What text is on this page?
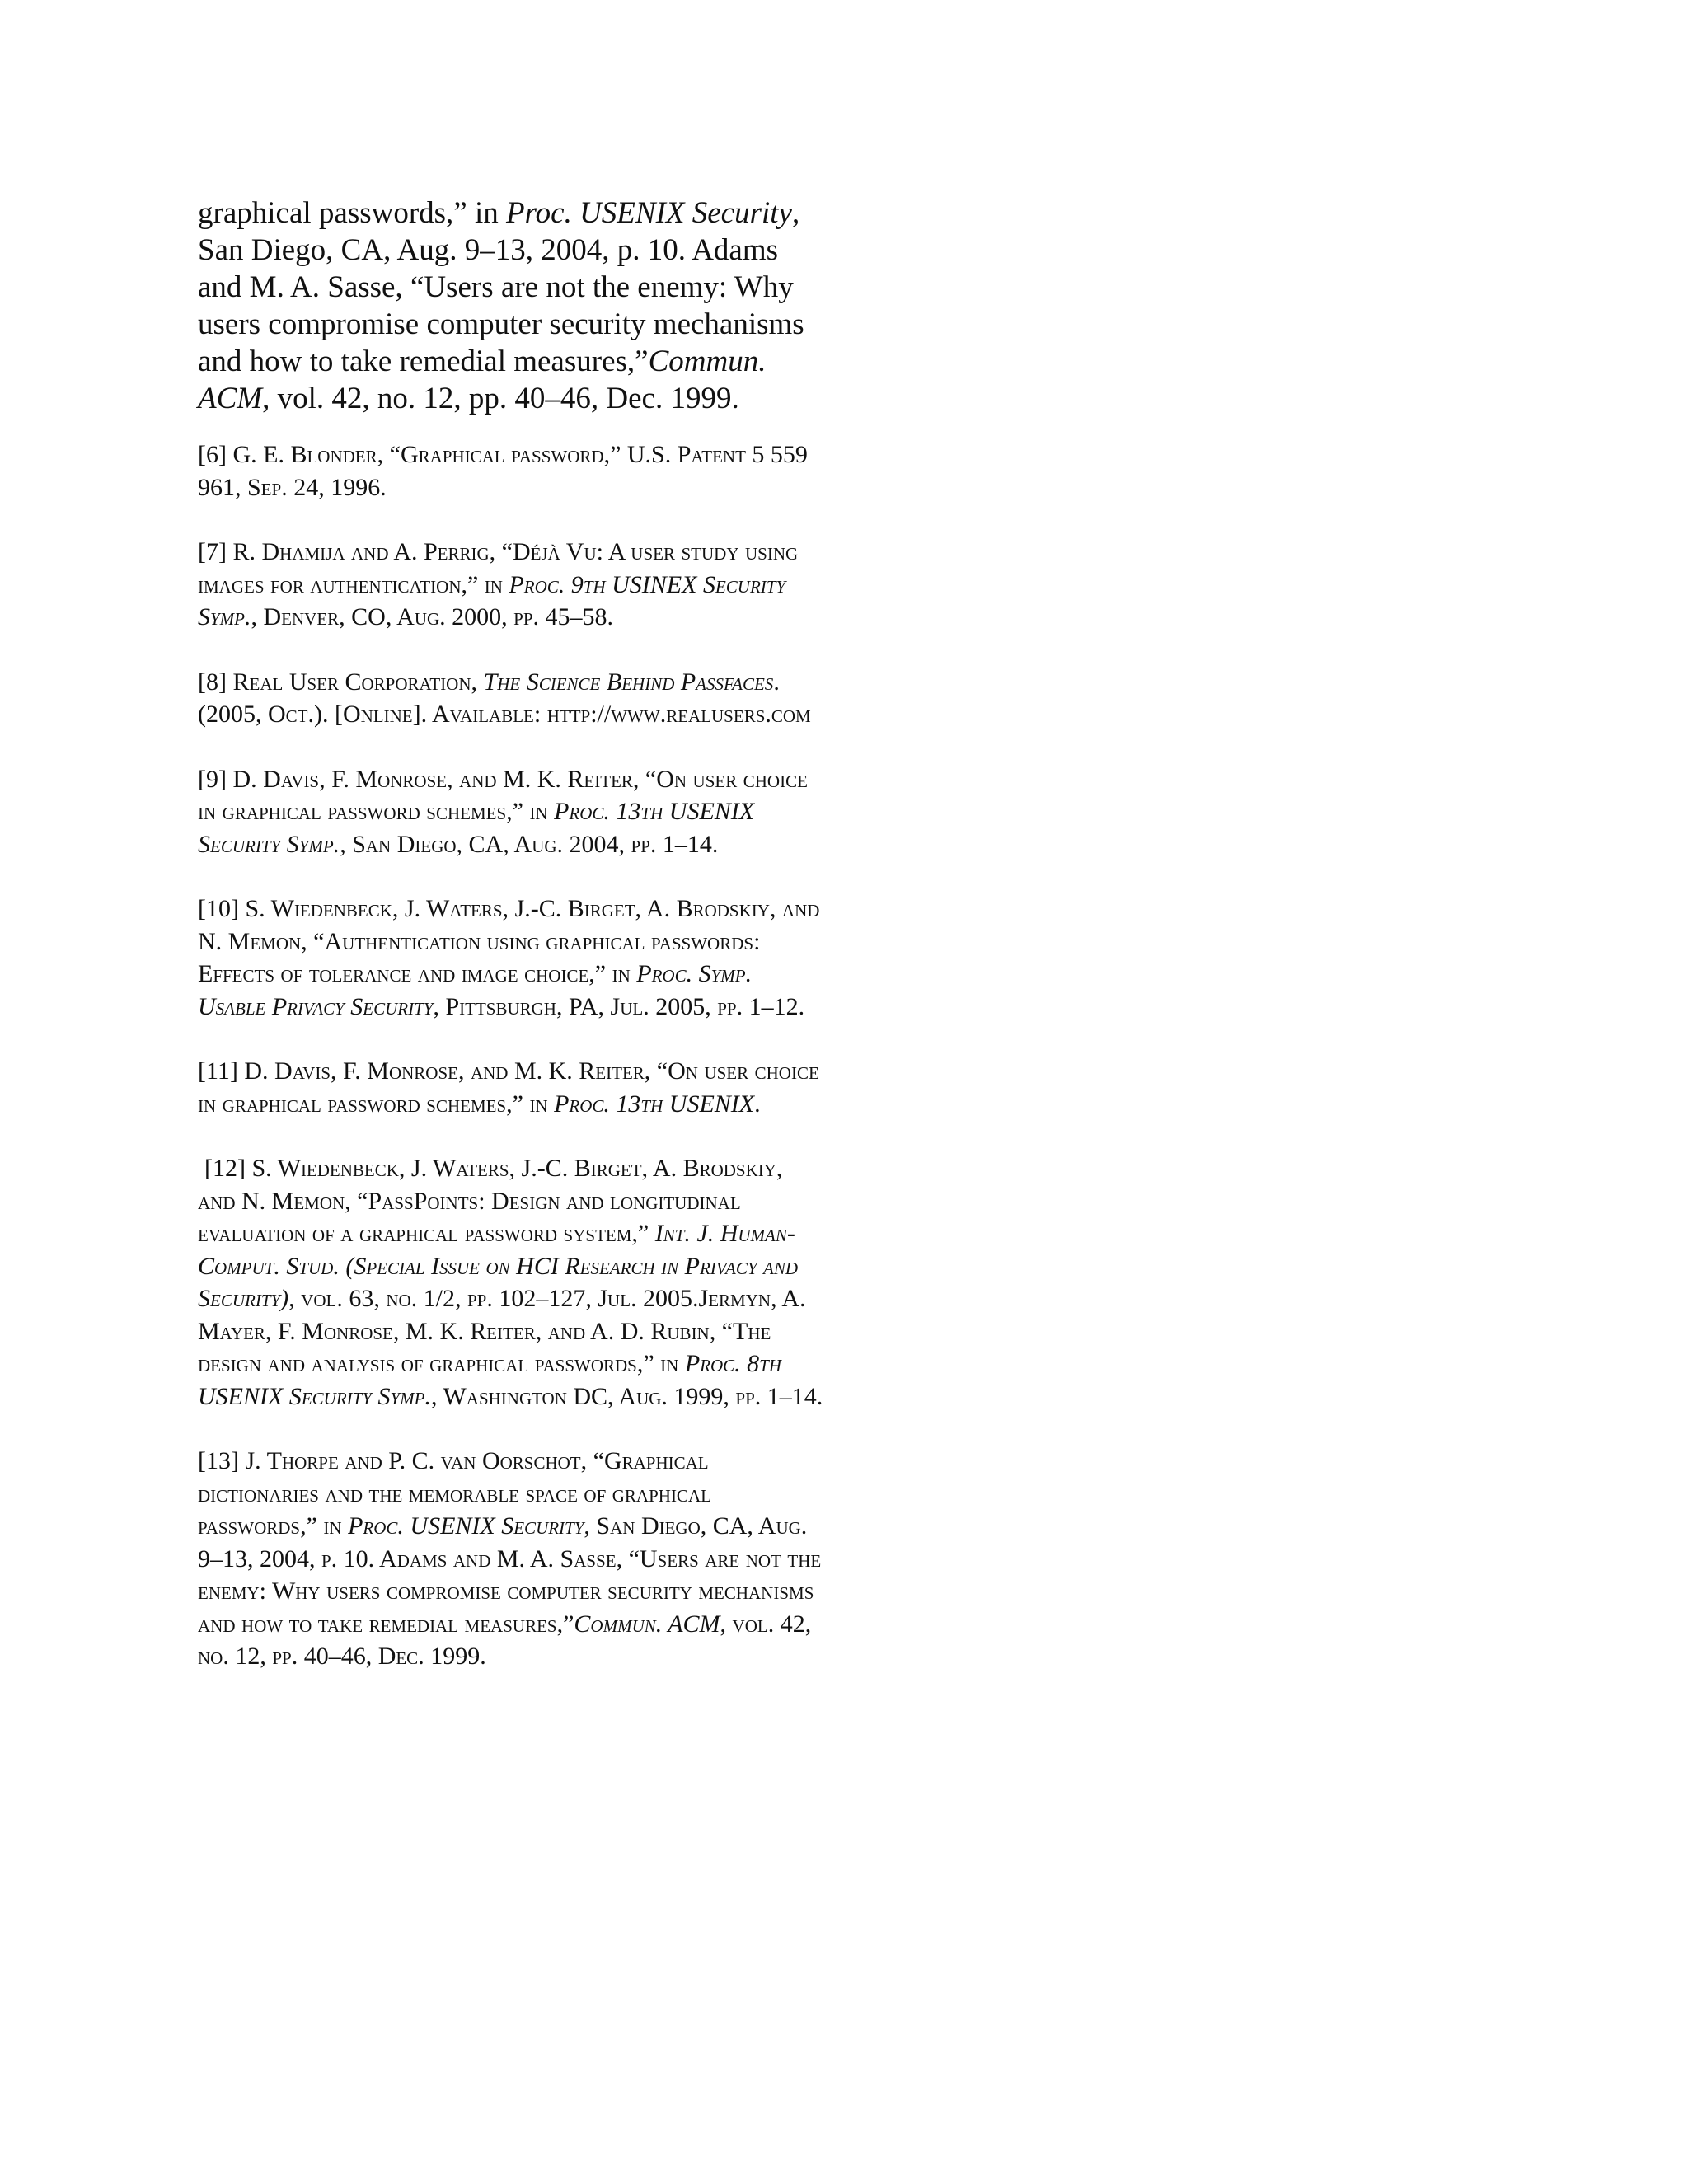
graphical passwords,” in Proc. USENIX Security, San Diego, CA, Aug. 9–13, 2004, p. 10. Adams and M. A. Sasse, “Users are not the enemy: Why users compromise computer security mechanisms and how to take remedial measures,”Commun. ACM, vol. 42, no. 12, pp. 40–46, Dec. 1999.

[6] G. E. Blonder, “Graphical password,” U.S. Patent 5 559 961, Sep. 24, 1996.

[7] R. Dhamija and A. Perrig, “Déjà Vu: A user study using images for authentication,” in Proc. 9th USINEX Security Symp., Denver, CO, Aug. 2000, pp. 45–58.

[8] Real User Corporation, The Science Behind Passfaces. (2005, Oct.). [Online]. Available: http://www.realusers.com

[9] D. Davis, F. Monrose, and M. K. Reiter, “On user choice in graphical password schemes,” in Proc. 13th USENIX Security Symp., San Diego, CA, Aug. 2004, pp. 1–14.

[10] S. Wiedenbeck, J. Waters, J.-C. Birget, A. Brodskiy, and N. Memon, “Authentication using graphical passwords: Effects of tolerance and image choice,” in Proc. Symp. Usable Privacy Security, Pittsburgh, PA, Jul. 2005, pp. 1–12.

[11] D. Davis, F. Monrose, and M. K. Reiter, “On user choice in graphical password schemes,” in Proc. 13th USENIX.

[12] S. Wiedenbeck, J. Waters, J.-C. Birget, A. Brodskiy, and N. Memon, “PassPoints: Design and longitudinal evaluation of a graphical password system,” Int. J. Human-Comput. Stud. (Special Issue on HCI Research in Privacy and Security), vol. 63, no. 1/2, pp. 102–127, Jul. 2005.Jermyn, A. Mayer, F. Monrose, M. K. Reiter, and A. D. Rubin, “The design and analysis of graphical passwords,” in Proc. 8th USENIX Security Symp., Washington DC, Aug. 1999, pp. 1–14.

[13] J. Thorpe and P. C. van Oorschot, “Graphical dictionaries and the memorable space of graphical passwords,” in Proc. USENIX Security, San Diego, CA, Aug. 9–13, 2004, p. 10. Adams and M. A. Sasse, “Users are not the enemy: Why users compromise computer security mechanisms and how to take remedial measures,”Commun. ACM, vol. 42, no. 12, pp. 40–46, Dec. 1999.
